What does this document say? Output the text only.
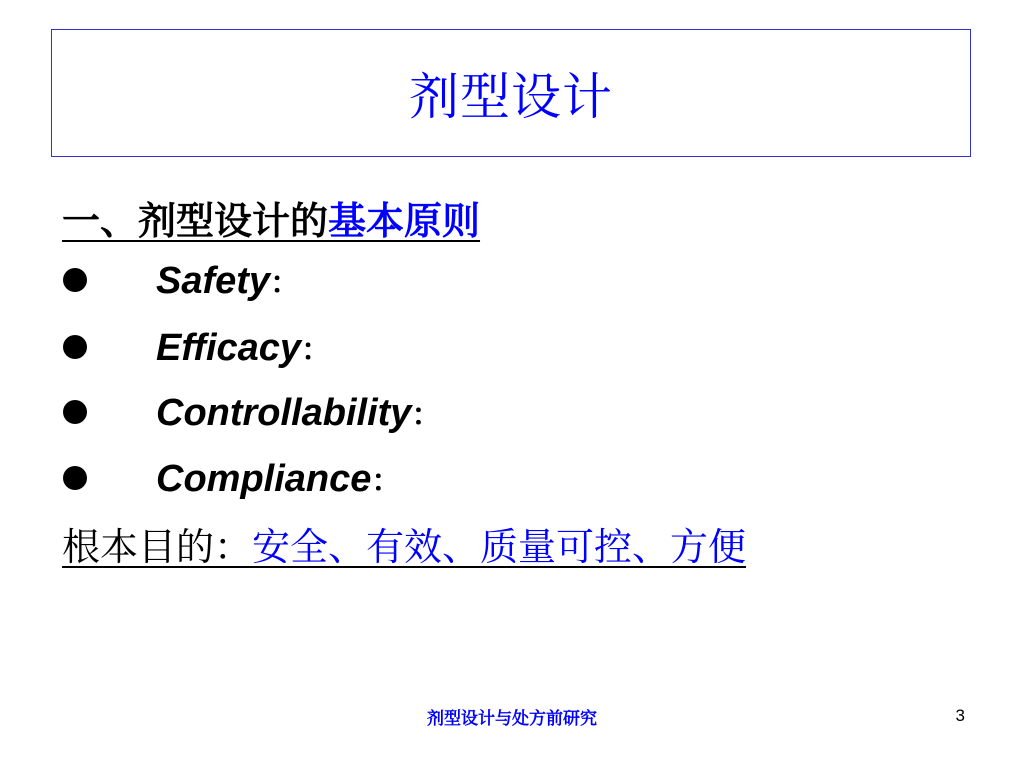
剂型设计
一、剂型设计的基本原则
Safety：
Efficacy：
Controllability：
Compliance：
根本目的：安全、有效、质量可控、方便
剂型设计与处方前研究	3
